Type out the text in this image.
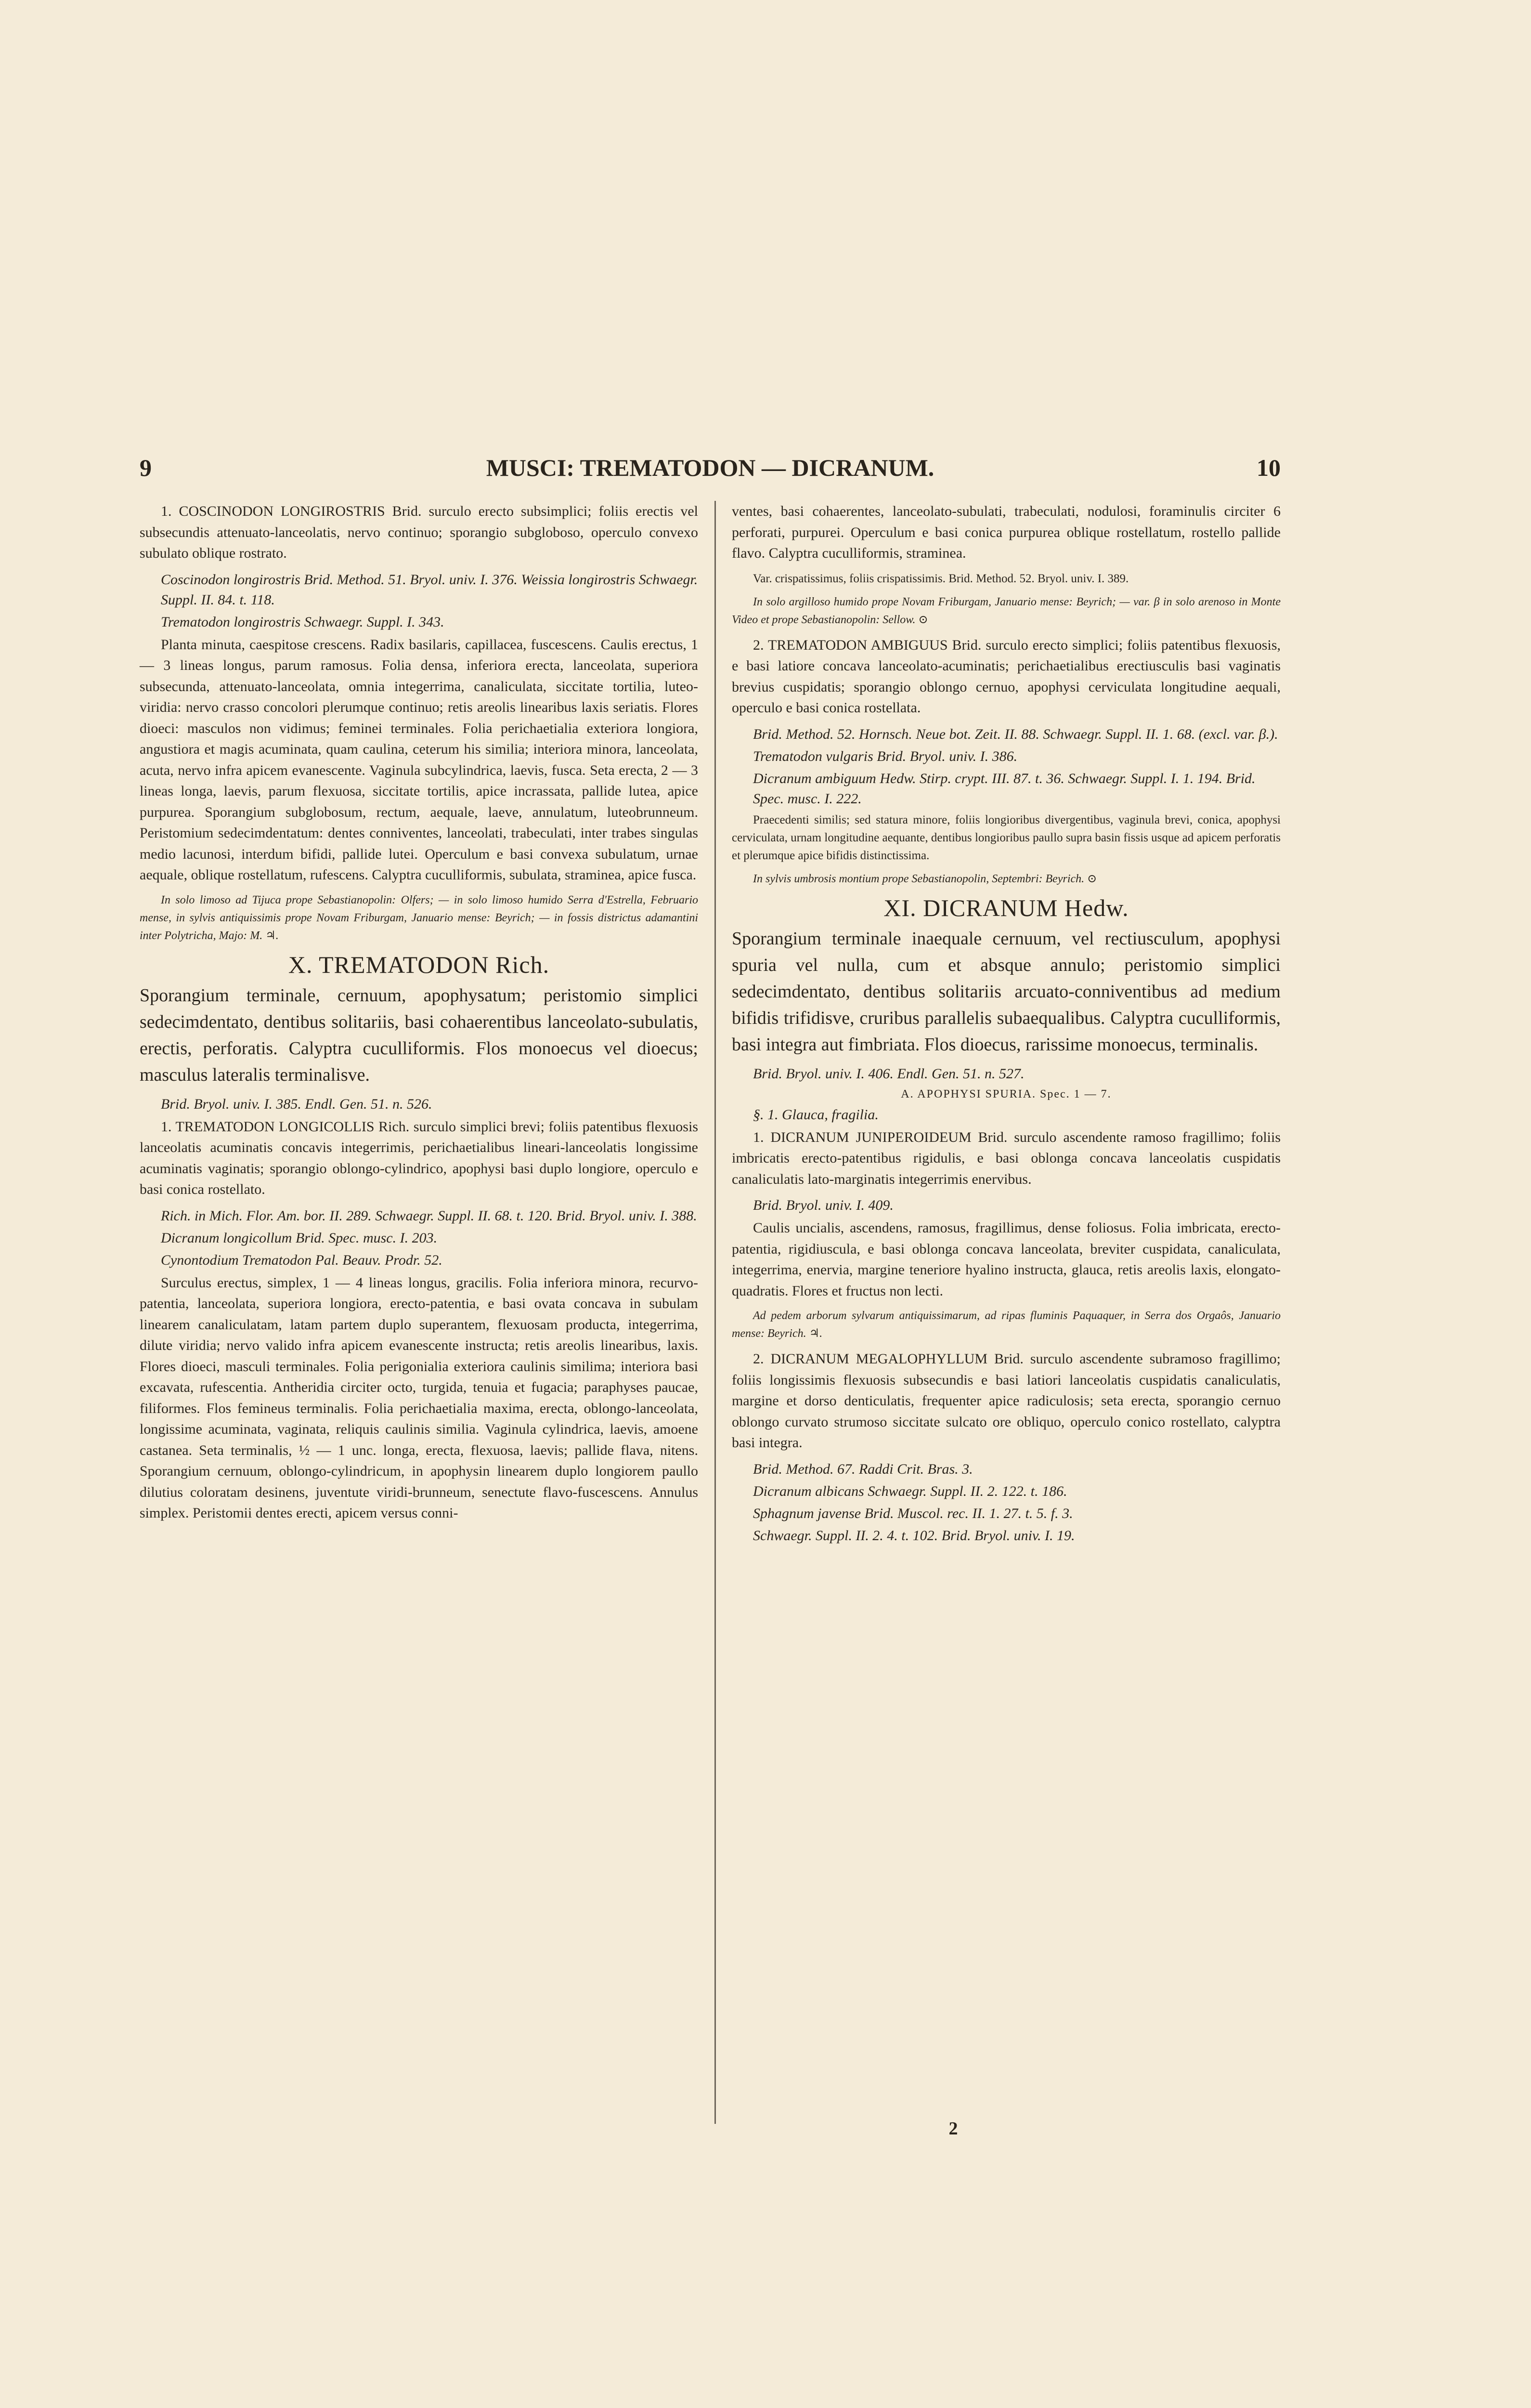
9	MUSCI: TREMATODON — DICRANUM.	10

1. COSCINODON LONGIROSTRIS Brid. surculo erecto subsimplici; foliis erectis vel subsecundis attenuato-lanceolatis, nervo continuo; sporangio subgloboso, operculo convexo subulato oblique rostrato.

Coscinodon longirostris Brid. Method. 51. Bryol. univ. I. 376. Weissia longirostris Schwaegr. Suppl. II. 84. t. 118.

Trematodon longirostris Schwaegr. Suppl. I. 343.

Planta minuta, caespitose crescens. Radix basilaris, capillacea, fuscescens. Caulis erectus, 1 — 3 lineas longus, parum ramosus. Folia densa, inferiora erecta, lanceolata, superiora subsecunda, attenuato-lanceolata, omnia integerrima, canaliculata, siccitate tortilia, luteo-viridia: nervo crasso concolori plerumque continuo; retis areolis linearibus laxis seriatis. Flores dioeci: masculos non vidimus; feminei terminales. Folia perichaetialia exteriora longiora, angustiora et magis acuminata, quam caulina, ceterum his similia; interiora minora, lanceolata, acuta, nervo infra apicem evanescente. Vaginula subcylindrica, laevis, fusca. Seta erecta, 2 — 3 lineas longa, laevis, parum flexuosa, siccitate tortilis, apice incrassata, pallide lutea, apice purpurea. Sporangium subglobosum, rectum, aequale, laeve, annulatum, luteobrunneum. Peristomium sedecimdentatum: dentes conniventes, lanceolati, trabeculati, inter trabes singulas medio lacunosi, interdum bifidi, pallide lutei. Operculum e basi convexa subulatum, urnae aequale, oblique rostellatum, rufescens. Calyptra cuculliformis, subulata, straminea, apice fusca.

In solo limoso ad Tijuca prope Sebastianopolin: Olfers; — in solo limoso humido Serra d'Estrella, Februario mense, in sylvis antiquissimis prope Novam Friburgam, Januario mense: Beyrich; — in fossis districtus adamantini inter Polytricha, Majo: M. ♃.

X. TREMATODON Rich.

Sporangium terminale, cernuum, apophysatum; peristomio simplici sedecimdentato, dentibus solitariis, basi cohaerentibus lanceolato-subulatis, erectis, perforatis. Calyptra cuculliformis. Flos monoecus vel dioecus; masculus lateralis terminalisve.

Brid. Bryol. univ. I. 385. Endl. Gen. 51. n. 526.

1. TREMATODON LONGICOLLIS Rich. surculo simplici brevi; foliis patentibus flexuosis lanceolatis acuminatis concavis integerrimis, perichaetialibus lineari-lanceolatis longissime acuminatis vaginatis; sporangio oblongo-cylindrico, apophysi basi duplo longiore, operculo e basi conica rostellato.

Rich. in Mich. Flor. Am. bor. II. 289. Schwaegr. Suppl. II. 68. t. 120. Brid. Bryol. univ. I. 388.

Dicranum longicollum Brid. Spec. musc. I. 203.

Cynontodium Trematodon Pal. Beauv. Prodr. 52.

Surculus erectus, simplex, 1 — 4 lineas longus, gracilis. Folia inferiora minora, recurvo-patentia, lanceolata, superiora longiora, erecto-patentia, e basi ovata concava in subulam linearem canaliculatam, latam partem duplo superantem, flexuosam producta, integerrima, dilute viridia; nervo valido infra apicem evanescente instructa; retis areolis linearibus, laxis. Flores dioeci, masculi terminales. Folia perigonialia exteriora caulinis similima; interiora basi excavata, rufescentia. Antheridia circiter octo, turgida, tenuia et fugacia; paraphyses paucae, filiformes. Flos femineus terminalis. Folia perichaetialia maxima, erecta, oblongo-lanceolata, longissime acuminata, vaginata, reliquis caulinis similia. Vaginula cylindrica, laevis, amoene castanea. Seta terminalis, ½ — 1 unc. longa, erecta, flexuosa, laevis; pallide flava, nitens. Sporangium cernuum, oblongo-cylindricum, in apophysin linearem duplo longiorem paullo dilutius coloratam desinens, juventute viridi-brunneum, senectute flavo-fuscescens. Annulus simplex. Peristomii dentes erecti, apicem versus conni-

ventes, basi cohaerentes, lanceolato-subulati, trabeculati, nodulosi, foraminulis circiter 6 perforati, purpurei. Operculum e basi conica purpurea oblique rostellatum, rostello pallide flavo. Calyptra cuculliformis, straminea.

Var. crispatissimus, foliis crispatissimis. Brid. Method. 52. Bryol. univ. I. 389.

In solo argilloso humido prope Novam Friburgam, Januario mense: Beyrich; — var. β in solo arenoso in Monte Video et prope Sebastianopolin: Sellow. ⊙

2. TREMATODON AMBIGUUS Brid. surculo erecto simplici; foliis patentibus flexuosis, e basi latiore concava lanceolato-acuminatis; perichaetialibus erectiusculis basi vaginatis brevius cuspidatis; sporangio oblongo cernuo, apophysi cerviculata longitudine aequali, operculo e basi conica rostellata.

Brid. Method. 52. Hornsch. Neue bot. Zeit. II. 88. Schwaegr. Suppl. II. 1. 68. (excl. var. β.).

Trematodon vulgaris Brid. Bryol. univ. I. 386.

Dicranum ambiguum Hedw. Stirp. crypt. III. 87. t. 36. Schwaegr. Suppl. I. 1. 194. Brid. Spec. musc. I. 222.

Praecedenti similis; sed statura minore, foliis longioribus divergentibus, vaginula brevi, conica, apophysi cerviculata, urnam longitudine aequante, dentibus longioribus paullo supra basin fissis usque ad apicem perforatis et plerumque apice bifidis distinctissima.

In sylvis umbrosis montium prope Sebastianopolin, Septembri: Beyrich. ⊙

XI. DICRANUM Hedw.

Sporangium terminale inaequale cernuum, vel rectiusculum, apophysi spuria vel nulla, cum et absque annulo; peristomio simplici sedecimdentato, dentibus solitariis arcuato-conniventibus ad medium bifidis trifidisve, cruribus parallelis subaequalibus. Calyptra cuculliformis, basi integra aut fimbriata. Flos dioecus, rarissime monoecus, terminalis.

Brid. Bryol. univ. I. 406. Endl. Gen. 51. n. 527.

A. APOPHYSI SPURIA. Spec. 1 — 7.

§. 1. Glauca, fragilia.

1. DICRANUM JUNIPEROIDEUM Brid. surculo ascendente ramoso fragillimo; foliis imbricatis erecto-patentibus rigidulis, e basi oblonga concava lanceolatis cuspidatis canaliculatis lato-marginatis integerrimis enervibus.

Brid. Bryol. univ. I. 409.

Caulis uncialis, ascendens, ramosus, fragillimus, dense foliosus. Folia imbricata, erecto-patentia, rigidiuscula, e basi oblonga concava lanceolata, breviter cuspidata, canaliculata, integerrima, enervia, margine teneriore hyalino instructa, glauca, retis areolis laxis, elongato-quadratis. Flores et fructus non lecti.

Ad pedem arborum sylvarum antiquissimarum, ad ripas fluminis Paquaquer, in Serra dos Orgaôs, Januario mense: Beyrich. ♃.

2. DICRANUM MEGALOPHYLLUM Brid. surculo ascendente subramoso fragillimo; foliis longissimis flexuosis subsecundis e basi latiori lanceolatis cuspidatis canaliculatis, margine et dorso denticulatis, frequenter apice radiculosis; seta erecta, sporangio cernuo oblongo curvato strumoso siccitate sulcato ore obliquo, operculo conico rostellato, calyptra basi integra.

Brid. Method. 67. Raddi Crit. Bras. 3.

Dicranum albicans Schwaegr. Suppl. II. 2. 122. t. 186.

Sphagnum javense Brid. Muscol. rec. II. 1. 27. t. 5. f. 3.

Schwaegr. Suppl. II. 2. 4. t. 102. Brid. Bryol. univ. I. 19.

2
